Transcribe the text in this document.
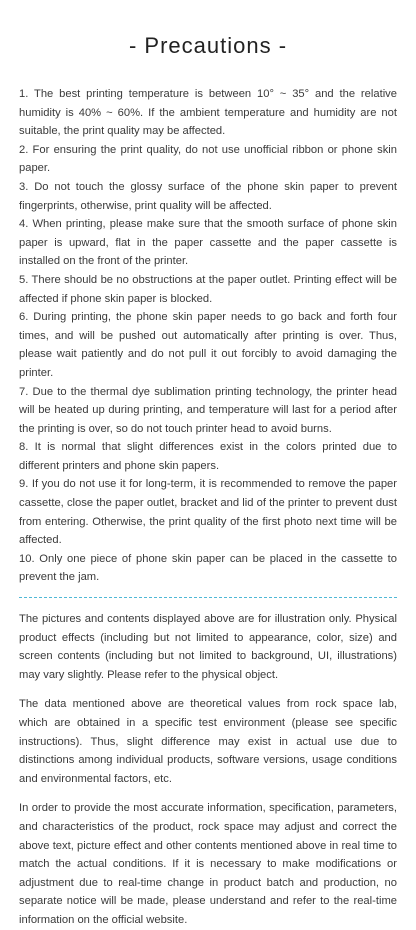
- Precautions -

1. The best printing temperature is between 10° ~ 35° and the relative humidity is 40% ~ 60%. If the ambient temperature and humidity are not suitable, the print quality may be affected.

2. For ensuring the print quality, do not use unofficial ribbon or phone skin paper.

3. Do not touch the glossy surface of the phone skin paper to prevent fingerprints, otherwise, print quality will be affected.

4. When printing, please make sure that the smooth surface of phone skin paper is upward, flat in the paper cassette and the paper cassette is installed on the front of the printer.

5. There should be no obstructions at the paper outlet. Printing effect will be affected if phone skin paper is blocked.

6. During printing, the phone skin paper needs to go back and forth four times, and will be pushed out automatically after printing is over. Thus, please wait patiently and do not pull it out forcibly to avoid damaging the printer.

7. Due to the thermal dye sublimation printing technology, the printer head will be heated up during printing, and temperature will last for a period after the printing is over, so do not touch printer head to avoid burns.

8. It is normal that slight differences exist in the colors printed due to different printers and phone skin papers.

9. If you do not use it for long-term, it is recommended to remove the paper cassette, close the paper outlet, bracket and lid of the printer to prevent dust from entering. Otherwise, the print quality of the first photo next time will be affected.

10. Only one piece of phone skin paper can be placed in the cassette to prevent the jam.

The pictures and contents displayed above are for illustration only. Physical product effects (including but not limited to appearance, color, size) and screen contents (including but not limited to background, UI, illustrations) may vary slightly. Please refer to the physical object.

The data mentioned above are theoretical values from rock space lab, which are obtained in a specific test environment (please see specific instructions). Thus, slight difference may exist in actual use due to distinctions among individual products, software versions, usage conditions and environmental factors, etc.

In order to provide the most accurate information, specification, parameters, and characteristics of the product, rock space may adjust and correct the above text, picture effect and other contents mentioned above in real time to match the actual conditions. If it is necessary to make modifications or adjustment due to real-time change in product batch and production, no separate notice will be made, please understand and refer to the real-time information on the official website.
